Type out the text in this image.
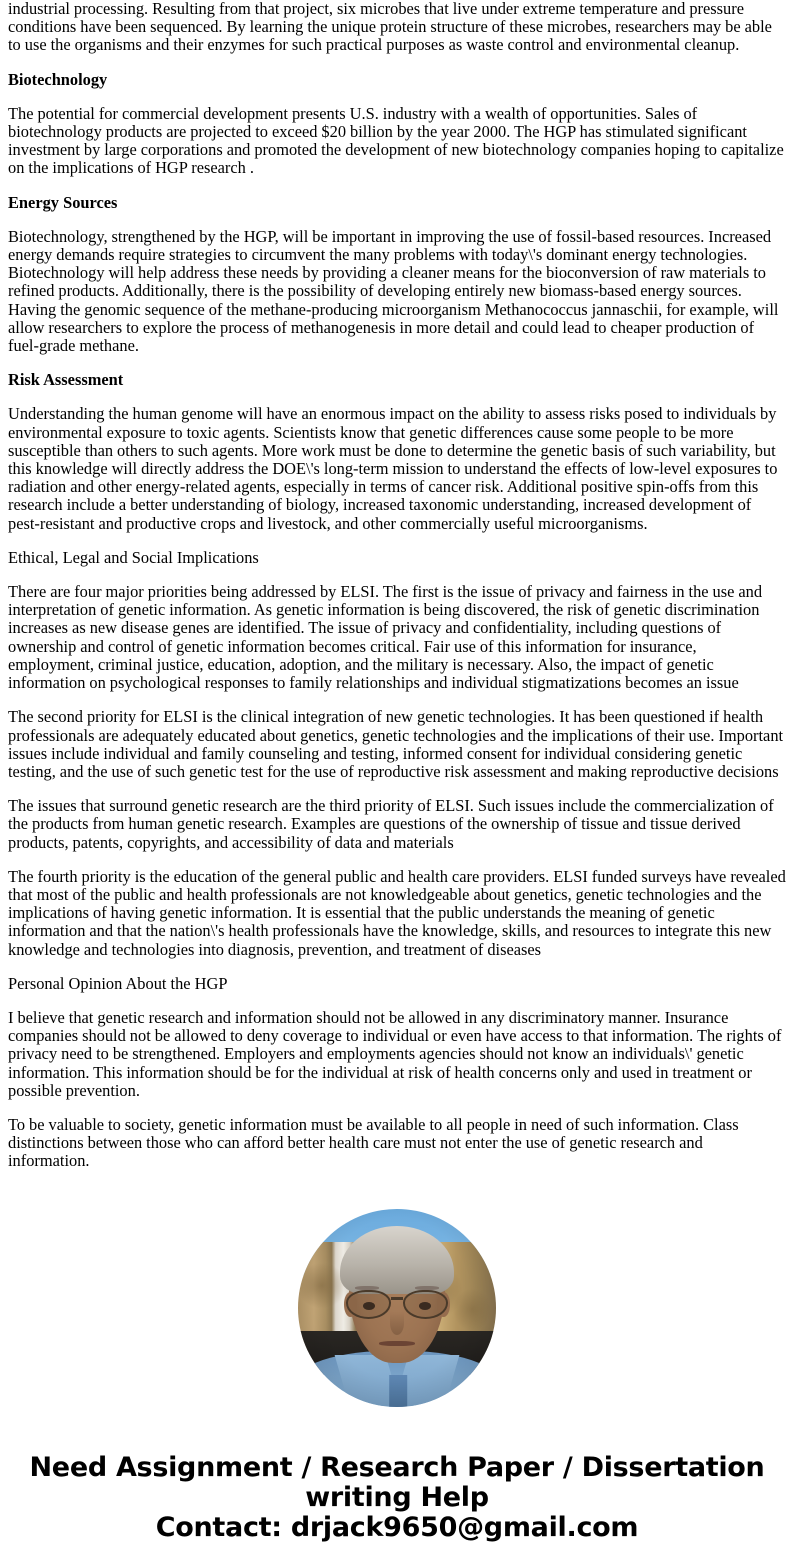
industrial processing. Resulting from that project, six microbes that live under extreme temperature and pressure conditions have been sequenced. By learning the unique protein structure of these microbes, researchers may be able to use the organisms and their enzymes for such practical purposes as waste control and environmental cleanup.

Biotechnology

The potential for commercial development presents U.S. industry with a wealth of opportunities. Sales of biotechnology products are projected to exceed $20 billion by the year 2000. The HGP has stimulated significant investment by large corporations and promoted the development of new biotechnology companies hoping to capitalize on the implications of HGP research .

Energy Sources

Biotechnology, strengthened by the HGP, will be important in improving the use of fossil-based resources. Increased energy demands require strategies to circumvent the many problems with today\'s dominant energy technologies. Biotechnology will help address these needs by providing a cleaner means for the bioconversion of raw materials to refined products. Additionally, there is the possibility of developing entirely new biomass-based energy sources. Having the genomic sequence of the methane-producing microorganism Methanococcus jannaschii, for example, will allow researchers to explore the process of methanogenesis in more detail and could lead to cheaper production of fuel-grade methane.

Risk Assessment

Understanding the human genome will have an enormous impact on the ability to assess risks posed to individuals by environmental exposure to toxic agents. Scientists know that genetic differences cause some people to be more susceptible than others to such agents. More work must be done to determine the genetic basis of such variability, but this knowledge will directly address the DOE\'s long-term mission to understand the effects of low-level exposures to radiation and other energy-related agents, especially in terms of cancer risk. Additional positive spin-offs from this research include a better understanding of biology, increased taxonomic understanding, increased development of pest-resistant and productive crops and livestock, and other commercially useful microorganisms.

Ethical, Legal and Social Implications

There are four major priorities being addressed by ELSI. The first is the issue of privacy and fairness in the use and interpretation of genetic information. As genetic information is being discovered, the risk of genetic discrimination increases as new disease genes are identified. The issue of privacy and confidentiality, including questions of ownership and control of genetic information becomes critical. Fair use of this information for insurance, employment, criminal justice, education, adoption, and the military is necessary. Also, the impact of genetic information on psychological responses to family relationships and individual stigmatizations becomes an issue

The second priority for ELSI is the clinical integration of new genetic technologies. It has been questioned if health professionals are adequately educated about genetics, genetic technologies and the implications of their use. Important issues include individual and family counseling and testing, informed consent for individual considering genetic testing, and the use of such genetic test for the use of reproductive risk assessment and making reproductive decisions

The issues that surround genetic research are the third priority of ELSI. Such issues include the commercialization of the products from human genetic research. Examples are questions of the ownership of tissue and tissue derived products, patents, copyrights, and accessibility of data and materials

The fourth priority is the education of the general public and health care providers. ELSI funded surveys have revealed that most of the public and health professionals are not knowledgeable about genetics, genetic technologies and the implications of having genetic information. It is essential that the public understands the meaning of genetic information and that the nation\'s health professionals have the knowledge, skills, and resources to integrate this new knowledge and technologies into diagnosis, prevention, and treatment of diseases

Personal Opinion About the HGP

I believe that genetic research and information should not be allowed in any discriminatory manner. Insurance companies should not be allowed to deny coverage to individual or even have access to that information. The rights of privacy need to be strengthened. Employers and employments agencies should not know an individuals\' genetic information. This information should be for the individual at risk of health concerns only and used in treatment or possible prevention.

To be valuable to society, genetic information must be available to all people in need of such information. Class distinctions between those who can afford better health care must not enter the use of genetic research and information.

Need Assignment / Research Paper / Dissertation
writing Help
Contact: drjack9650@gmail.com
